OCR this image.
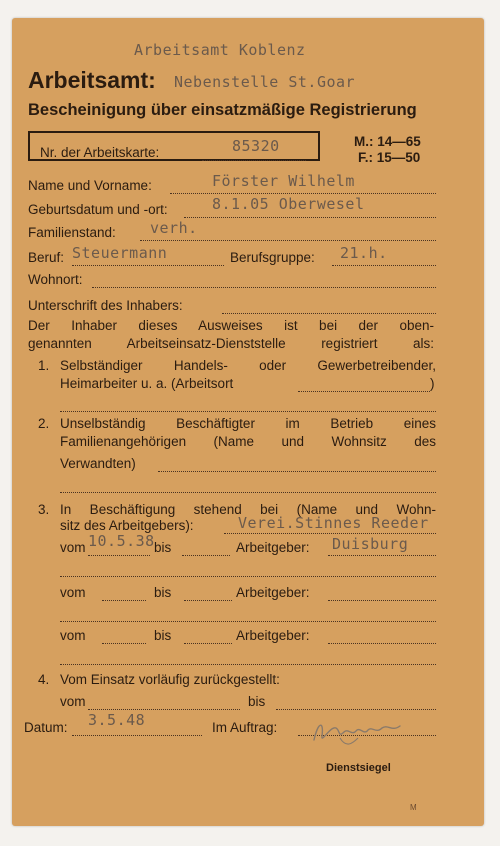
Arbeitsamt Koblenz
Nebenstelle St.Goar
Arbeitsamt:
Bescheinigung über einsatzmäßige Registrierung
Nr. der Arbeitskarte:	85320	M.: 14—65
F.: 15—50
Name und Vorname:	Förster Wilhelm
Geburtsdatum und -ort:	8.1.05 Oberwesel
Familienstand: verh.
Beruf: Steuermann	Berufsgruppe: 21.h.
Wohnort:
Unterschrift des Inhabers:
Der Inhaber dieses Ausweises ist bei der oben-
genannten Arbeitseinsatz-Dienststelle registriert als:
1. Selbständiger Handels- oder Gewerbetreibender,
Heimarbeiter u. a. (Arbeitsort	)
2. Unselbständig Beschäftigter im Betrieb eines
Familienangehörigen (Name und Wohnsitz des
Verwandten)
3. In Beschäftigung stehend bei (Name und Wohn-
sitz des Arbeitgebers):	Verei.Stinnes Reeder
vom 10.5.38 bis	Arbeitgeber: Duisburg
vom	bis	Arbeitgeber:
vom	bis	Arbeitgeber:
4. Vom Einsatz vorläufig zurückgestellt:
vom	bis
Datum: 3.5.48	Im Auftrag:
Dienstsiegel
M
